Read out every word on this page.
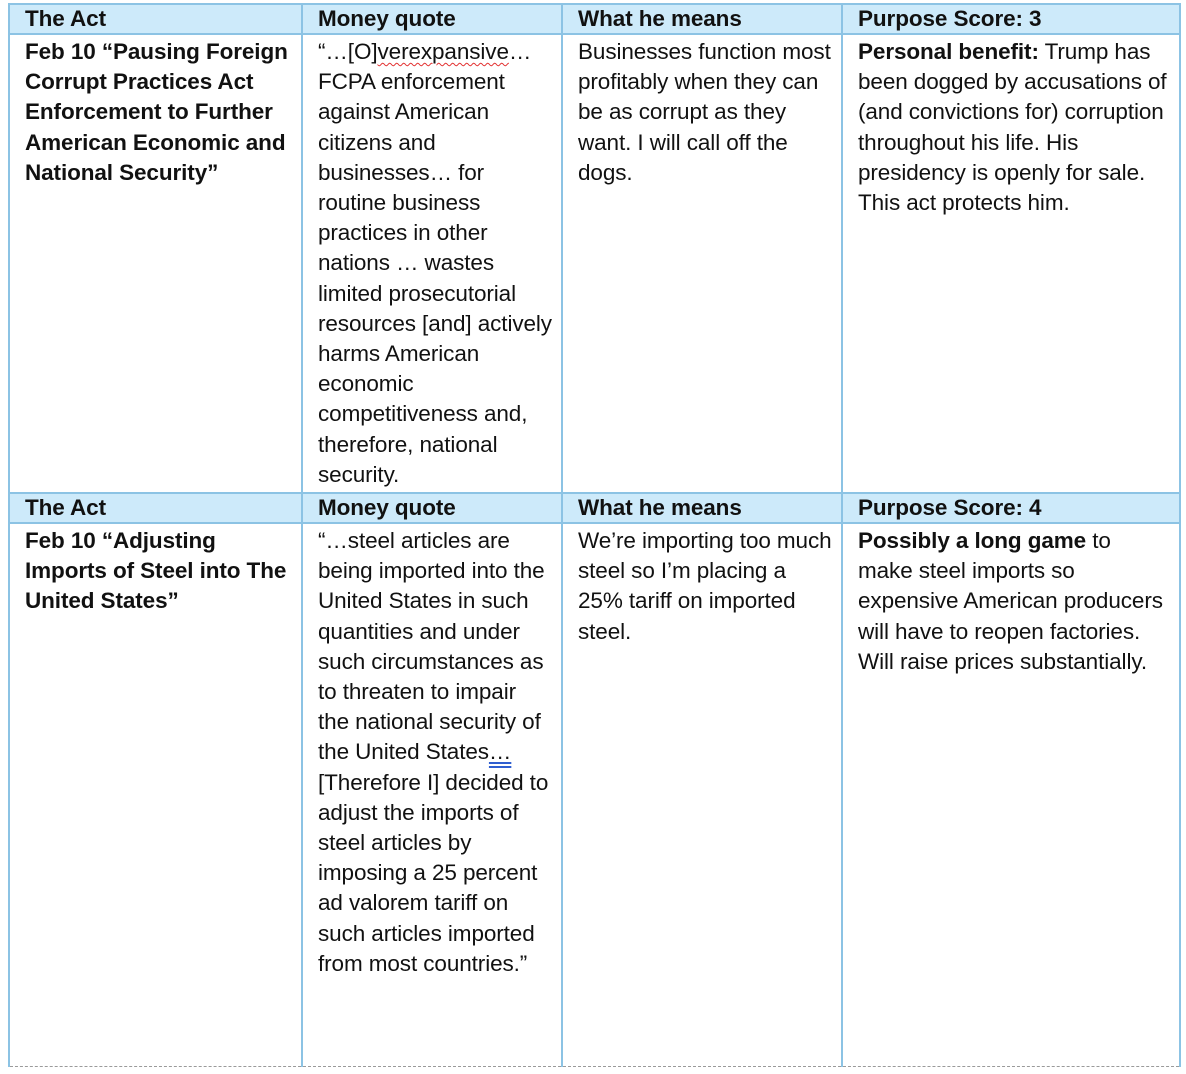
The Act	Money quote	What he means	Purpose Score: 3
Feb 10 “Pausing Foreign Corrupt Practices Act Enforcement to Further American Economic and National Security”	“…[O]verexpansive… FCPA enforcement against American citizens and businesses… for routine business practices in other nations … wastes limited prosecutorial resources [and] actively harms American economic competitiveness and, therefore, national security.	Businesses function most profitably when they can be as corrupt as they want. I will call off the dogs.	Personal benefit: Trump has been dogged by accusations of (and convictions for) corruption throughout his life. His presidency is openly for sale. This act protects him.
The Act	Money quote	What he means	Purpose Score: 4
Feb 10 “Adjusting Imports of Steel into The United States”	“…steel articles are being imported into the United States in such quantities and under such circumstances as to threaten to impair the national security of the United States…[Therefore I] decided to adjust the imports of steel articles by imposing a 25 percent ad valorem tariff on such articles imported from most countries.”	We’re importing too much steel so I’m placing a 25% tariff on imported steel.	Possibly a long game to make steel imports so expensive American producers will have to reopen factories. Will raise prices substantially.
